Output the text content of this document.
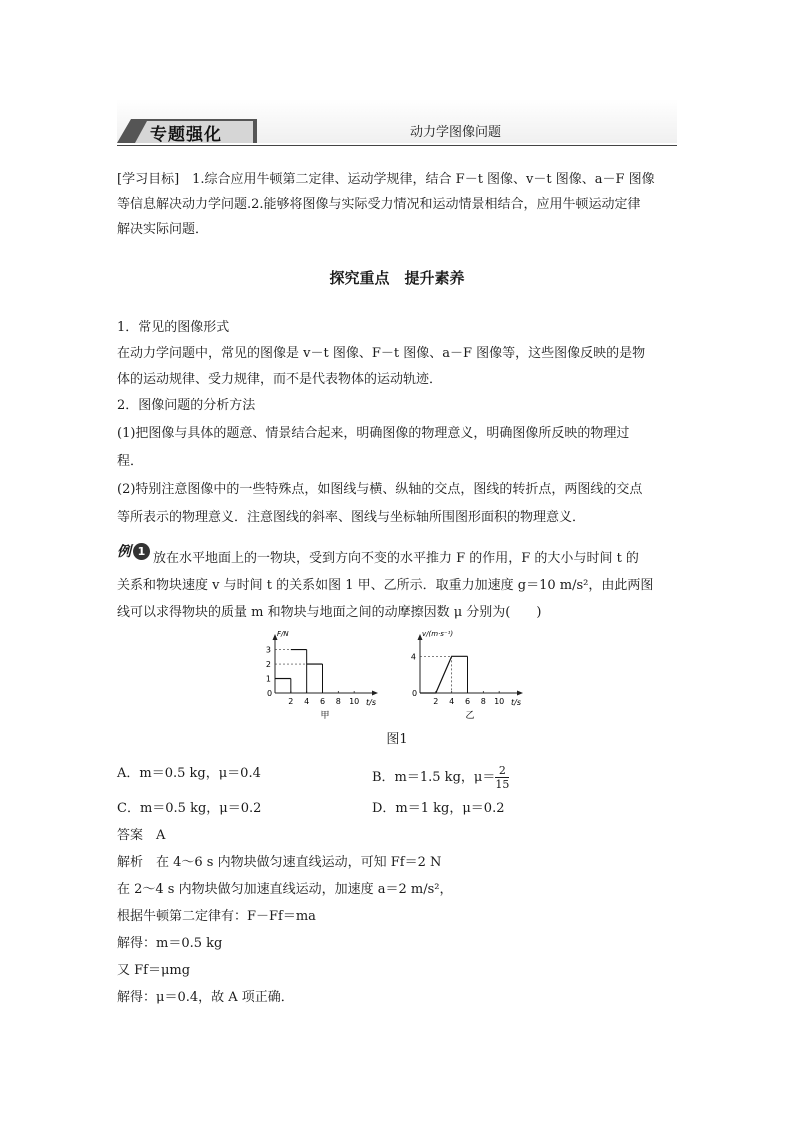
专题强化	动力学图像问题
[学习目标]　1.综合应用牛顿第二定律、运动学规律，结合 F－t 图像、v－t 图像、a－F 图像
等信息解决动力学问题.2.能够将图像与实际受力情况和运动情景相结合，应用牛顿运动定律
解决实际问题．
探究重点　提升素养
1．常见的图像形式
在动力学问题中，常见的图像是 v－t 图像、F－t 图像、a－F 图像等，这些图像反映的是物
体的运动规律、受力规律，而不是代表物体的运动轨迹．
2．图像问题的分析方法
(1)把图像与具体的题意、情景结合起来，明确图像的物理意义，明确图像所反映的物理过
程．
(2)特别注意图像中的一些特殊点，如图线与横、纵轴的交点，图线的转折点，两图线的交点
等所表示的物理意义．注意图线的斜率、图线与坐标轴所围图形面积的物理意义．
例 1 放在水平地面上的一物块，受到方向不变的水平推力 F 的作用，F 的大小与时间 t 的
关系和物块速度 v 与时间 t 的关系如图 1 甲、乙所示．取重力加速度 g＝10 m/s²，由此两图
线可以求得物块的质量 m 和物块与地面之间的动摩擦因数 μ 分别为(　　)
0
t/s
F/N
2 4 6 8 10
1
2
3
甲
0
t/s
v/(m·s⁻¹)
2 4 6 8 10
4
乙
图1
A．m＝0.5 kg，μ＝0.4	B．m＝1.5 kg，$\mu= \frac{2}{15}$
C．m＝0.5 kg，μ＝0.2	D．m＝1 kg，μ＝0.2
答案　A
解析　在 4～6 s 内物块做匀速直线运动，可知 Ff＝2 N
在 2～4 s 内物块做匀加速直线运动，加速度 a＝2 m/s²，
根据牛顿第二定律有：F－Ff＝ma
解得：m＝0.5 kg
又 Ff＝μmg
解得：μ＝0.4，故 A 项正确．
